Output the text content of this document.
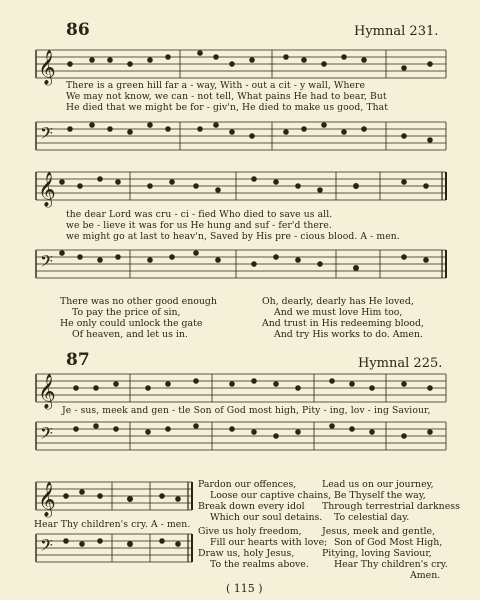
86	Hymnal 231.
𝄞
There is a green hill far a - way, With - out a cit - y wall, Where
We may not know, we can - not tell, What pains He had to bear, But
He died that we might be for - giv'n, He died to make us good, That
𝄢
𝄞
the dear Lord was cru - ci - fied Who died to save us all.
we be - lieve it was for us He hung and suf - fer'd there.
we might go at last to heav'n, Saved by His pre - cious blood. A - men.
𝄢
There was no other good enough
To pay the price of sin,
He only could unlock the gate
Of heaven, and let us in.
Oh, dearly, dearly has He loved,
And we must love Him too,
And trust in His redeeming blood,
And try His works to do. Amen.
87	Hymnal 225.
𝄞
Je - sus, meek and gen - tle Son of God most high, Pity - ing, lov - ing Saviour,
𝄢
𝄞
Hear Thy children's cry. A - men.
𝄢
Pardon our offences,
Loose our captive chains,
Break down every idol
Which our soul detains.
Give us holy freedom,
Fill our hearts with love;
Draw us, holy Jesus,
To the realms above.
Lead us on our journey,
Be Thyself the way,
Through terrestrial darkness
To celestial day.
Jesus, meek and gentle,
Son of God Most High,
Pitying, loving Saviour,
Hear Thy children's cry.
Amen.
( 115 )
